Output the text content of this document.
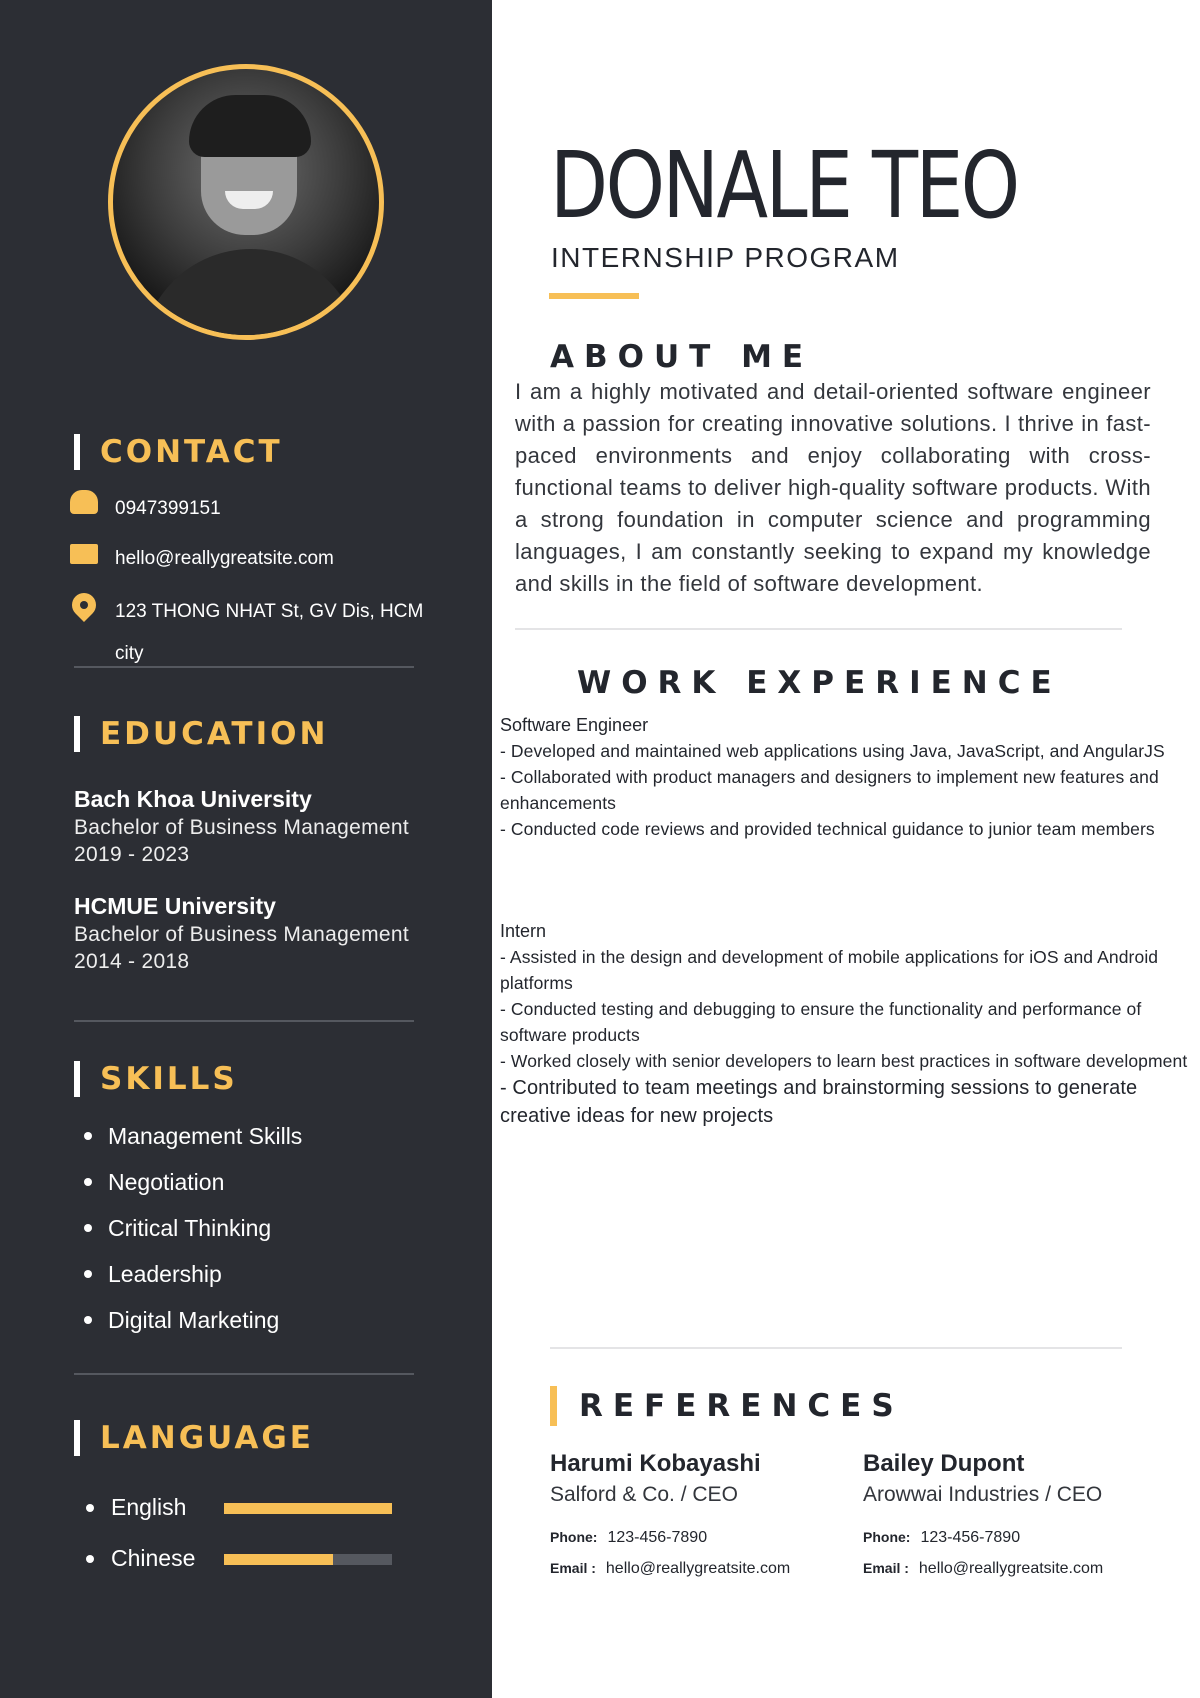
CONTACT
0947399151
hello@reallygreatsite.com
123 THONG NHAT St, GV Dis, HCM
city
EDUCATION
Bach Khoa University
Bachelor of Business Management
2019 - 2023
HCMUE University
Bachelor of Business Management
2014 - 2018
SKILLS
Management Skills
Negotiation
Critical Thinking
Leadership
Digital Marketing
LANGUAGE
English
Chinese
DONALE TEO
INTERNSHIP PROGRAM
ABOUT ME
I am a highly motivated and detail-oriented software engineer with a passion for creating innovative solutions. I thrive in fast-paced environments and enjoy collaborating with cross-functional teams to deliver high-quality software products. With a strong foundation in computer science and programming languages, I am constantly seeking to expand my knowledge and skills in the field of software development.
WORK EXPERIENCE
Software Engineer
- Developed and maintained web applications using Java, JavaScript, and AngularJS
- Collaborated with product managers and designers to implement new features and enhancements
- Conducted code reviews and provided technical guidance to junior team members
Intern
- Assisted in the design and development of mobile applications for iOS and Android platforms
- Conducted testing and debugging to ensure the functionality and performance of software products
- Worked closely with senior developers to learn best practices in software development
- Contributed to team meetings and brainstorming sessions to generate creative ideas for new projects
REFERENCES
Harumi Kobayashi
Salford & Co. / CEO
Phone: 123-456-7890
Email : hello@reallygreatsite.com
Bailey Dupont
Arowwai Industries / CEO
Phone: 123-456-7890
Email : hello@reallygreatsite.com
